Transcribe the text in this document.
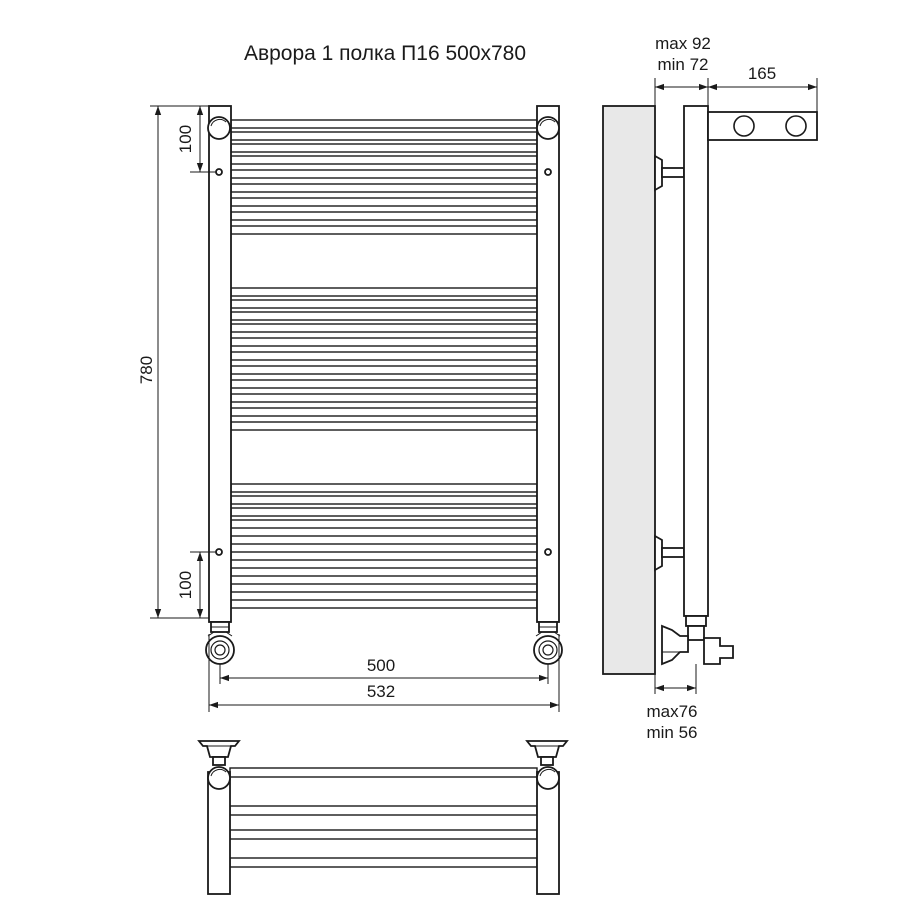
Аврора 1 полка П16 500x780
780
100
100
500
532
max 92
min 72 165
max76
min 56
